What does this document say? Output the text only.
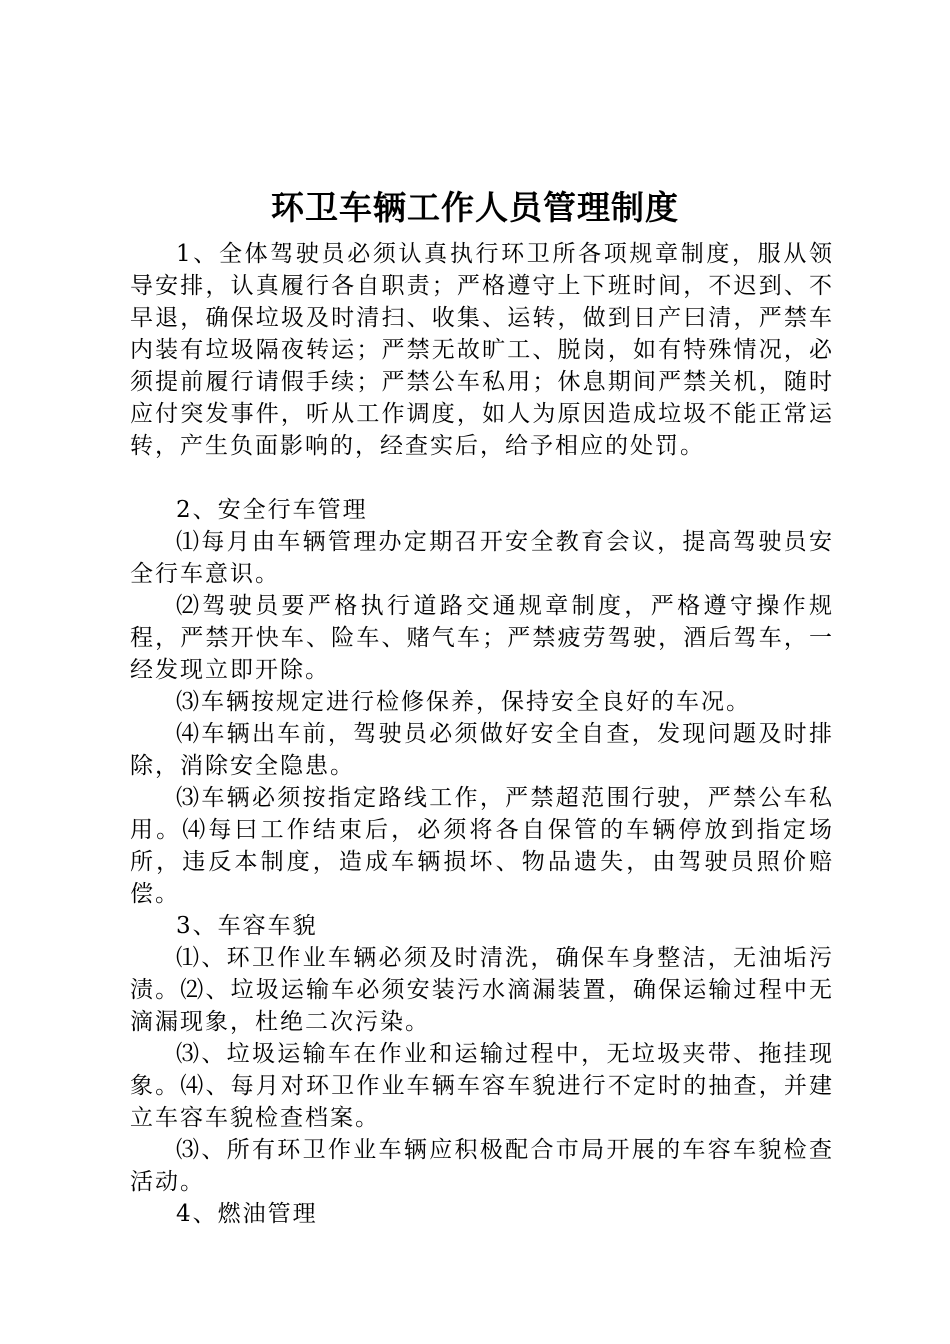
环卫车辆工作人员管理制度

1、全体驾驶员必须认真执行环卫所各项规章制度，服从领导安排，认真履行各自职责；严格遵守上下班时间，不迟到、不早退，确保垃圾及时清扫、收集、运转，做到日产曰清，严禁车内装有垃圾隔夜转运；严禁无故旷工、脱岗，如有特殊情况，必须提前履行请假手续；严禁公车私用；休息期间严禁关机，随时应付突发事件，听从工作调度，如人为原因造成垃圾不能正常运转，产生负面影响的，经查实后，给予相应的处罚。

2、安全行车管理

⑴每月由车辆管理办定期召开安全教育会议，提高驾驶员安全行车意识。

⑵驾驶员要严格执行道路交通规章制度，严格遵守操作规程，严禁开快车、险车、赌气车；严禁疲劳驾驶，酒后驾车，一经发现立即开除。

⑶车辆按规定进行检修保养，保持安全良好的车况。

⑷车辆出车前，驾驶员必须做好安全自查，发现问题及时排除，消除安全隐患。

⑶车辆必须按指定路线工作，严禁超范围行驶，严禁公车私用。⑷每曰工作结束后，必须将各自保管的车辆停放到指定场所，违反本制度，造成车辆损坏、物品遗失，由驾驶员照价赔偿。

3、车容车貌

⑴、环卫作业车辆必须及时清洗，确保车身整洁，无油垢污渍。⑵、垃圾运输车必须安装污水滴漏装置，确保运输过程中无滴漏现象，杜绝二次污染。

⑶、垃圾运输车在作业和运输过程中，无垃圾夹带、拖挂现象。⑷、每月对环卫作业车辆车容车貌进行不定时的抽查，并建立车容车貌检查档案。

⑶、所有环卫作业车辆应积极配合市局开展的车容车貌检查活动。

4、燃油管理
